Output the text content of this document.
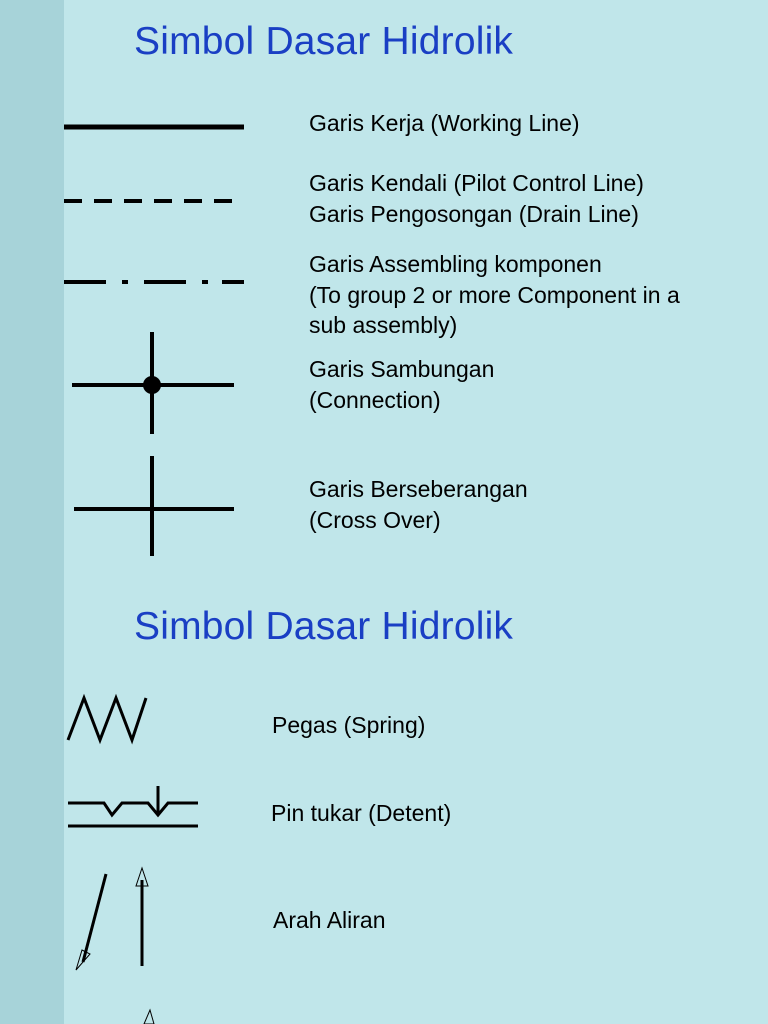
Simbol Dasar Hidrolik
Garis Kerja (Working Line)
Garis Kendali (Pilot Control Line)
Garis Pengosongan (Drain Line)
Garis Assembling komponen
(To group 2 or more Component in a
sub assembly)
Garis Sambungan
(Connection)
Garis Berseberangan
(Cross Over)
Simbol Dasar Hidrolik
Pegas (Spring)
Pin tukar (Detent)
Arah Aliran
